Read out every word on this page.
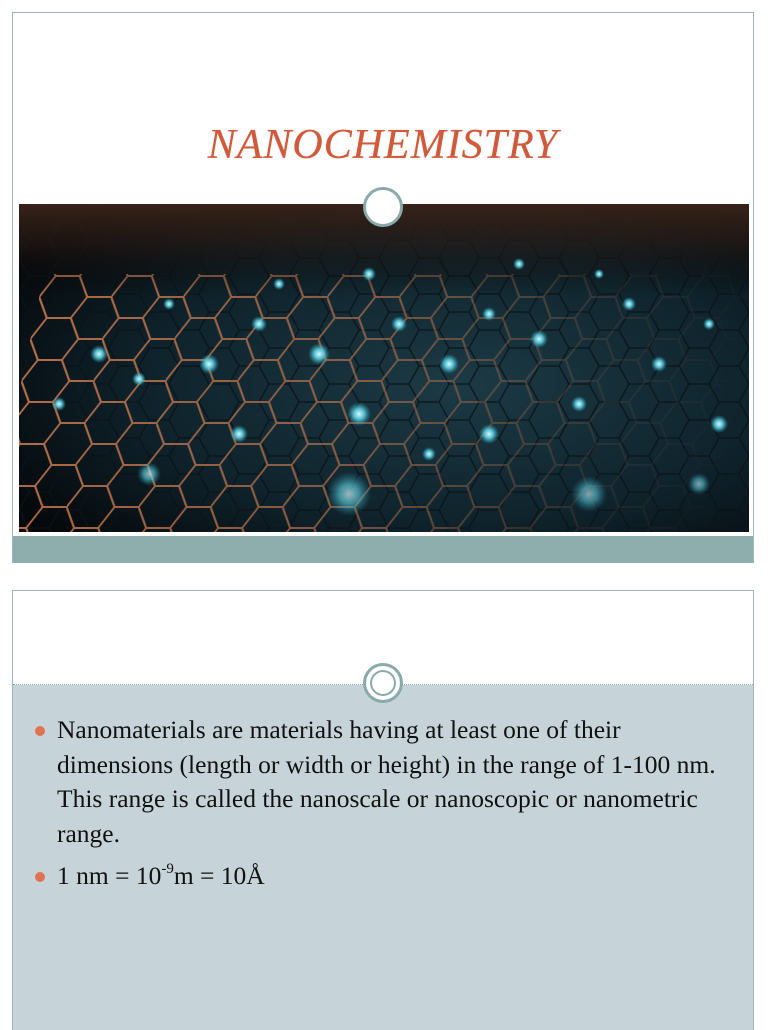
NANOCHEMISTRY
Nanomaterials are materials having at least one of their dimensions (length or width or height) in the range of 1-100 nm. This range is called the nanoscale or nanoscopic or nanometric range.
1 nm = $10^{-9}m$ = 10Å
